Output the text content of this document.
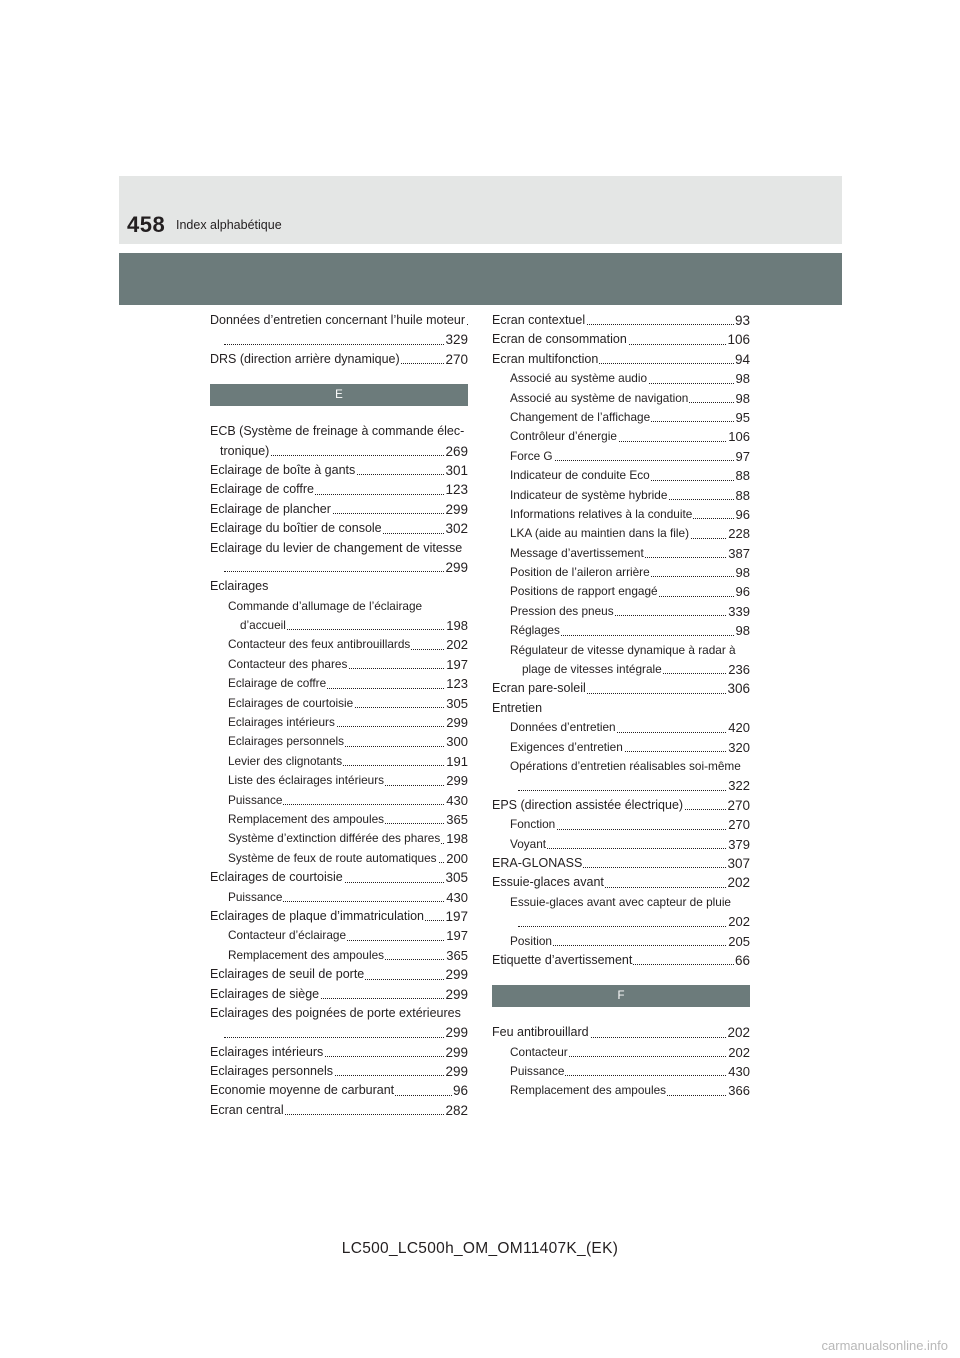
458 Index alphabétique
Données d’entretien concernant l’huile moteur
329
DRS (direction arrière dynamique)	270
E
ECB (Système de freinage à commande élec-
tronique)	269
Eclairage de boîte à gants	301
Eclairage de coffre	123
Eclairage de plancher	299
Eclairage du boîtier de console	302
Eclairage du levier de changement de vitesse
299
Eclairages
Commande d’allumage de l’éclairage
d’accueil	198
Contacteur des feux antibrouillards	202
Contacteur des phares	197
Eclairage de coffre	123
Eclairages de courtoisie	305
Eclairages intérieurs	299
Eclairages personnels	300
Levier des clignotants	191
Liste des éclairages intérieurs	299
Puissance	430
Remplacement des ampoules	365
Système d’extinction différée des phares 198
Système de feux de route automatiques 200
Eclairages de courtoisie	305
Puissance	430
Eclairages de plaque d’immatriculation 197
Contacteur d’éclairage	197
Remplacement des ampoules	365
Eclairages de seuil de porte	299
Eclairages de siège	299
Eclairages des poignées de porte extérieures
299
Eclairages intérieurs	299
Eclairages personnels	299
Economie moyenne de carburant	96
Ecran central	282
Ecran contextuel	93
Ecran de consommation	106
Ecran multifonction	94
Associé au système audio	98
Associé au système de navigation	98
Changement de l’affichage	95
Contrôleur d’énergie	106
Force G	97
Indicateur de conduite Eco	88
Indicateur de système hybride	88
Informations relatives à la conduite	96
LKA (aide au maintien dans la file)	228
Message d’avertissement	387
Position de l’aileron arrière	98
Positions de rapport engagé	96
Pression des pneus	339
Réglages	98
Régulateur de vitesse dynamique à radar à
plage de vitesses intégrale	236
Ecran pare-soleil	306
Entretien
Données d’entretien	420
Exigences d’entretien	320
Opérations d’entretien réalisables soi-même
322
EPS (direction assistée électrique)	270
Fonction	270
Voyant	379
ERA-GLONASS	307
Essuie-glaces avant	202
Essuie-glaces avant avec capteur de pluie
202
Position	205
Etiquette d’avertissement	66
F
Feu antibrouillard	202
Contacteur	202
Puissance	430
Remplacement des ampoules	366
LC500_LC500h_OM_OM11407K_(EK)
carmanualsonline.info
